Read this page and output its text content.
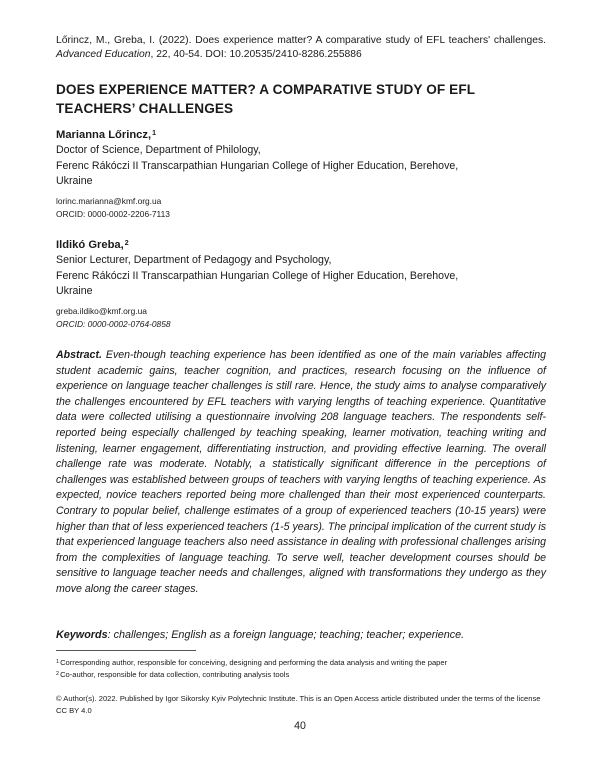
Lőrincz, M., Greba, I. (2022). Does experience matter? A comparative study of EFL teachers' challenges. Advanced Education, 22, 40-54. DOI: 10.20535/2410-8286.255886
DOES EXPERIENCE MATTER? A COMPARATIVE STUDY OF EFL TEACHERS’ CHALLENGES
Marianna Lőrincz,$^1$
Doctor of Science, Department of Philology,
Ferenc Rákóczi II Transcarpathian Hungarian College of Higher Education, Berehove,
Ukraine
lorinc.marianna@kmf.org.ua
ORCID: 0000-0002-2206-7113
Ildikó Greba,$^2$
Senior Lecturer, Department of Pedagogy and Psychology,
Ferenc Rákóczi II Transcarpathian Hungarian College of Higher Education, Berehove,
Ukraine
greba.ildiko@kmf.org.ua
ORCID: 0000-0002-0764-0858
Abstract. Even-though teaching experience has been identified as one of the main variables affecting student academic gains, teacher cognition, and practices, research focusing on the influence of experience on language teacher challenges is still rare. Hence, the study aims to analyse comparatively the challenges encountered by EFL teachers with varying lengths of teaching experience. Quantitative data were collected utilising a questionnaire involving 208 language teachers. The respondents self-reported being especially challenged by teaching speaking, learner motivation, teaching writing and listening, learner engagement, differentiating instruction, and providing effective learning. The overall challenge rate was moderate. Notably, a statistically significant difference in the perceptions of challenges was established between groups of teachers with varying lengths of teaching experience. As expected, novice teachers reported being more challenged than their most experienced counterparts. Contrary to popular belief, challenge estimates of a group of experienced teachers (10-15 years) were higher than that of less experienced teachers (1-5 years). The principal implication of the current study is that experienced language teachers also need assistance in dealing with professional challenges arising from the complexities of language teaching. To serve well, teacher development courses should be sensitive to language teacher needs and challenges, aligned with transformations they undergo as they move along the career stages.
Keywords: challenges; English as a foreign language; teaching; teacher; experience.
$^1$Corresponding author, responsible for conceiving, designing and performing the data analysis and writing the paper
$^2$Co-author, responsible for data collection, contributing analysis tools
© Author(s). 2022. Published by Igor Sikorsky Kyiv Polytechnic Institute. This is an Open Access article distributed under the terms of the license CC BY 4.0
40
